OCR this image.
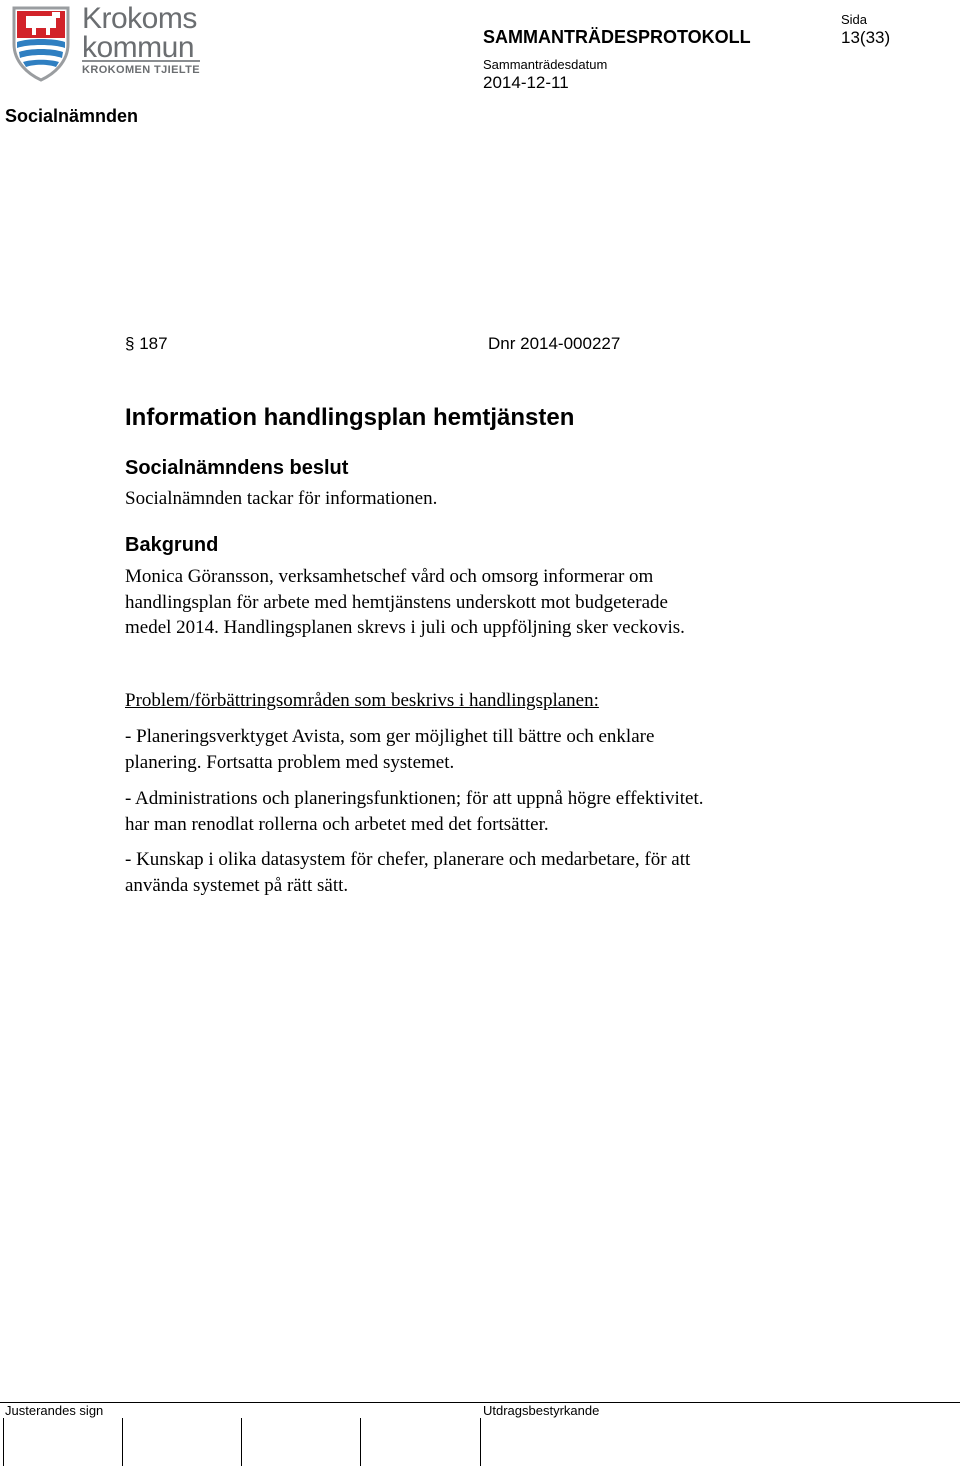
Krokoms

kommun

KROKOMEN TJIELTE

SAMMANTRÄDESPROTOKOLL

Sammanträdesdatum

2014-12-11

Sida

13(33)

Socialnämnden

§ 187	Dnr 2014-000227

Information handlingsplan hemtjänsten

Socialnämndens beslut

Socialnämnden tackar för informationen.

Bakgrund

Monica Göransson, verksamhetschef vård och omsorg informerar om
handlingsplan för arbete med hemtjänstens underskott mot budgeterade
medel 2014. Handlingsplanen skrevs i juli och uppföljning sker veckovis.
Problem/förbättringsområden som beskrivs i handlingsplanen:
- Planeringsverktyget Avista, som ger möjlighet till bättre och enklare
planering. Fortsatta problem med systemet.
- Administrations och planeringsfunktionen; för att uppnå högre effektivitet.
har man renodlat rollerna och arbetet med det fortsätter.
- Kunskap i olika datasystem för chefer, planerare och medarbetare, för att
använda systemet på rätt sätt.

Justerandes sign	Utdragsbestyrkande
